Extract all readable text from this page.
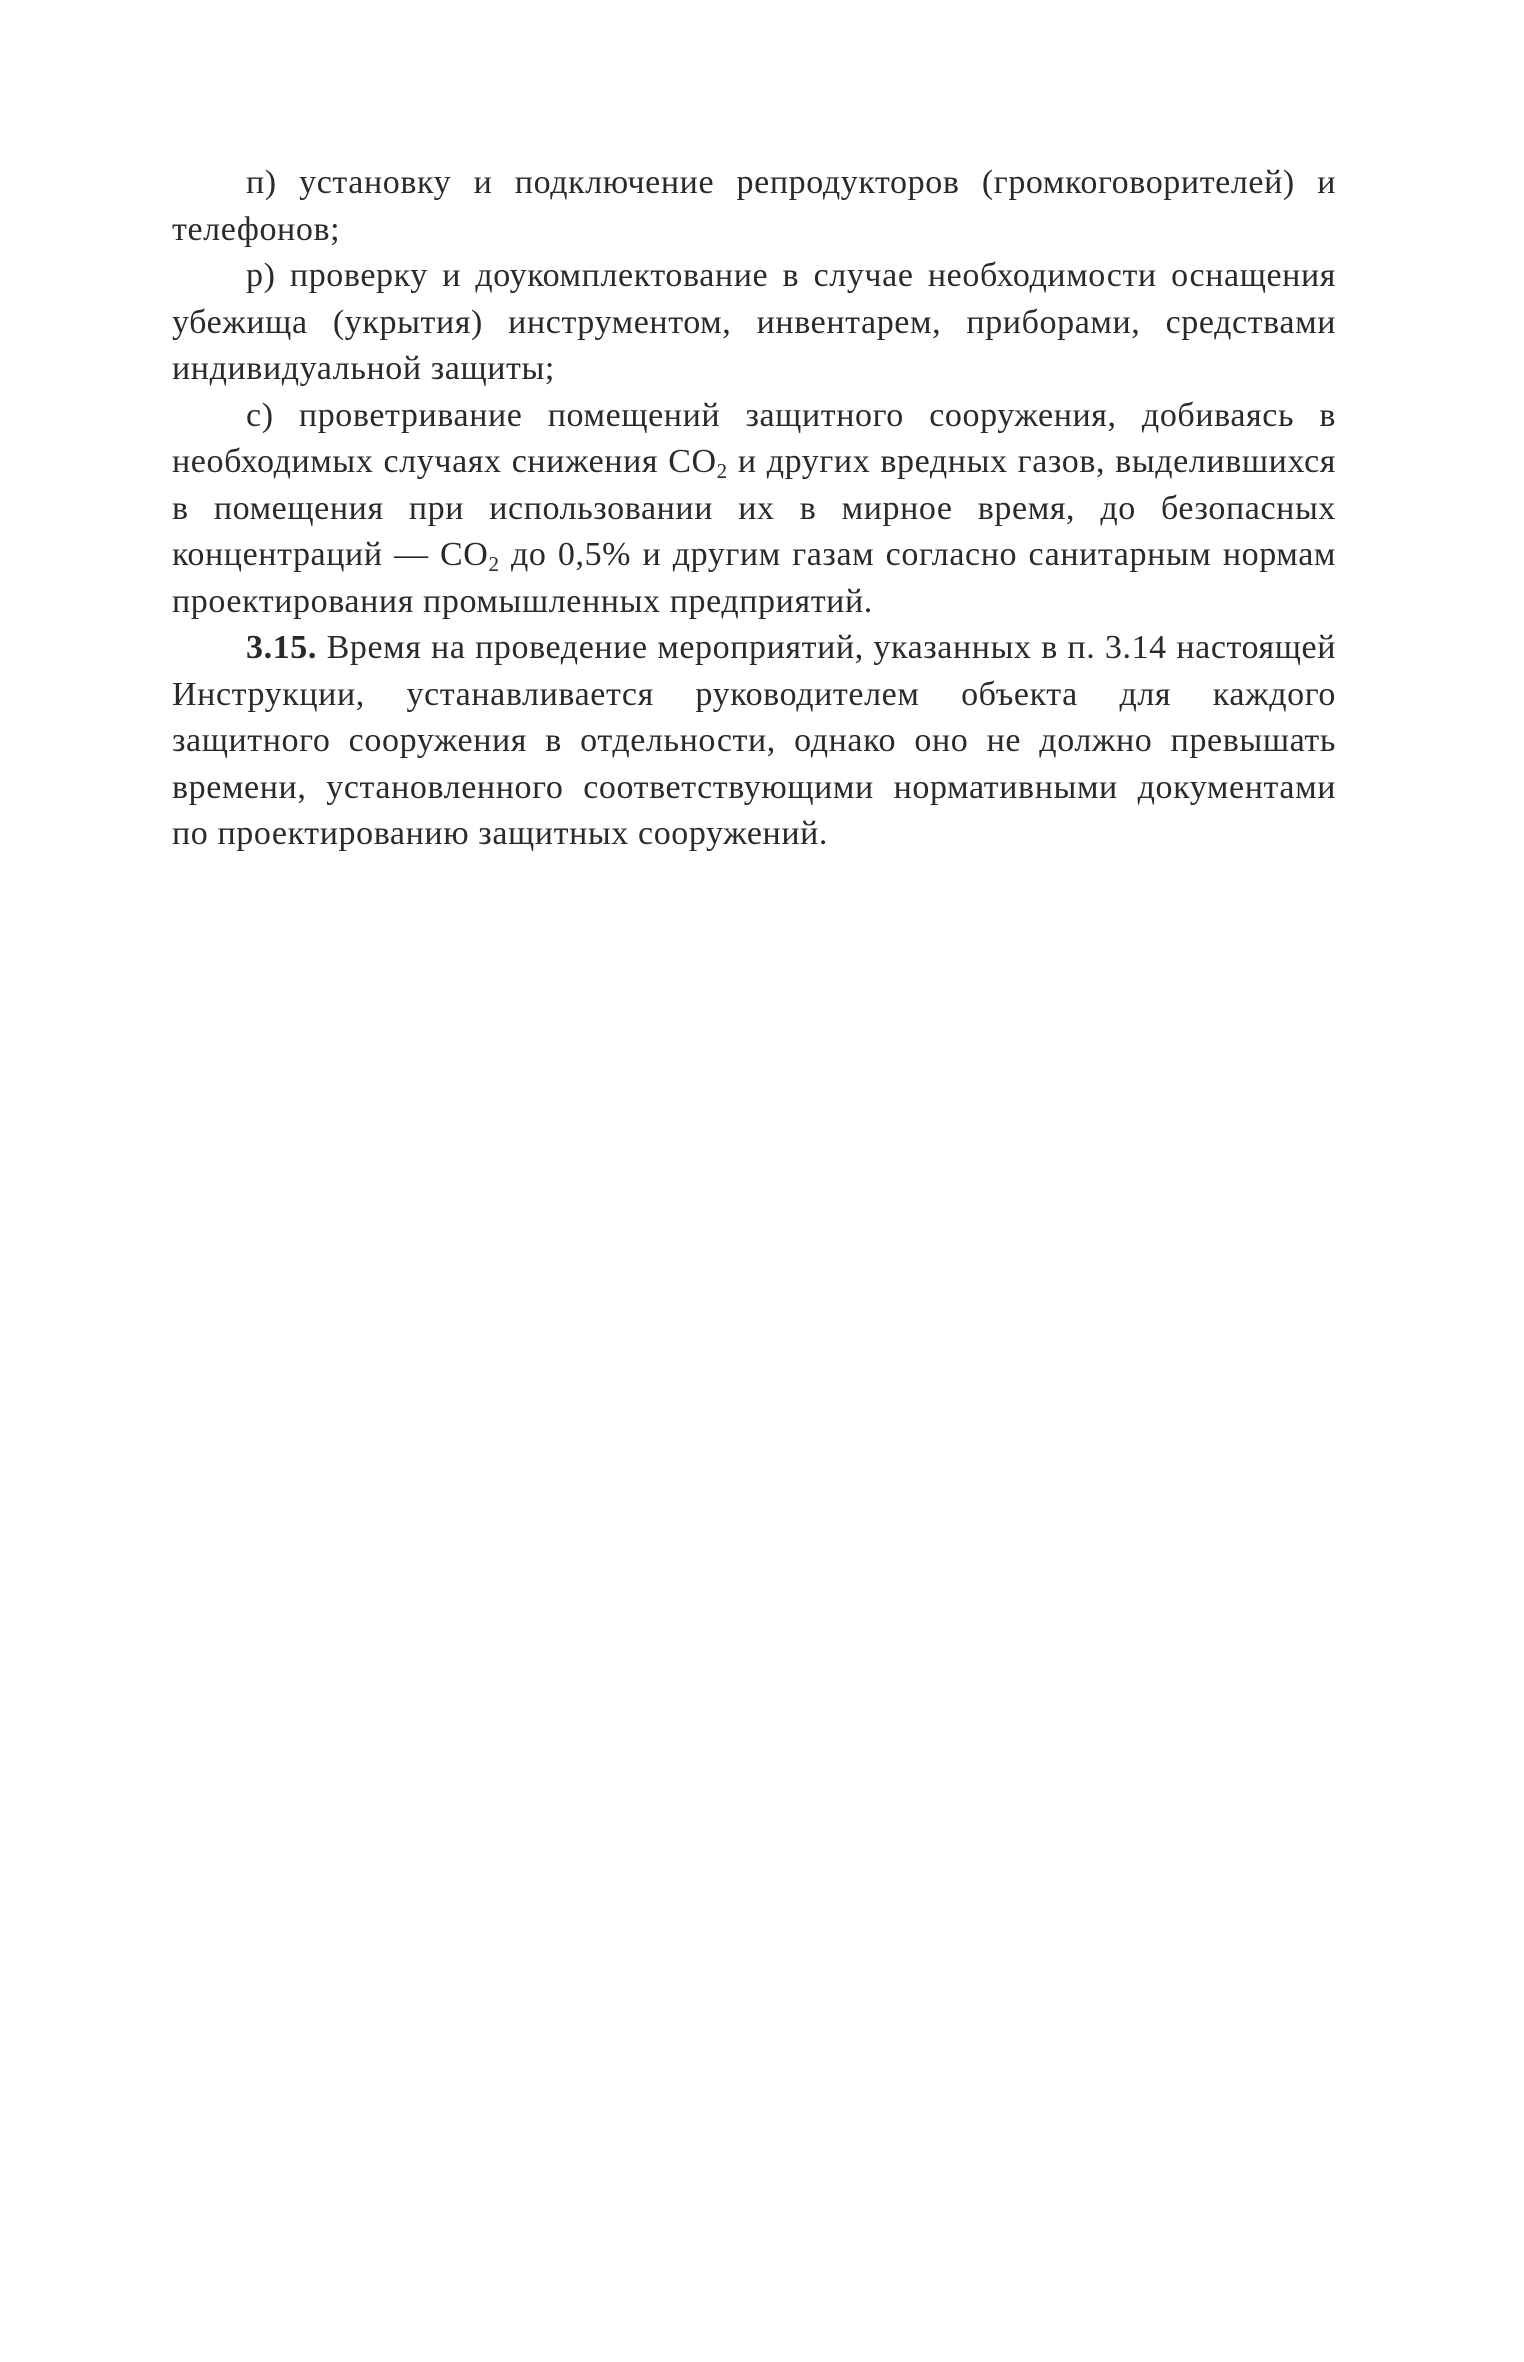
п) установку и подключение репродукторов (громкоговорителей) и телефонов;

р) проверку и доукомплектование в случае необходимости оснащения убежища (укрытия) инструментом, инвентарем, приборами, средствами индивидуальной защиты;

с) проветривание помещений защитного сооружения, добиваясь в необходимых случаях снижения $CO_2$ и других вредных газов, выделившихся в помещения при использовании их в мирное время, до безопасных концентраций — $CO_2$ до 0,5% и другим газам согласно санитарным нормам проектирования промышленных предприятий.

3.15. Время на проведение мероприятий, указанных в п. 3.14 настоящей Инструкции, устанавливается руководителем объекта для каждого защитного сооружения в отдельности, однако оно не должно превышать времени, установленного соответствующими нормативными документами по проектированию защитных сооружений.
